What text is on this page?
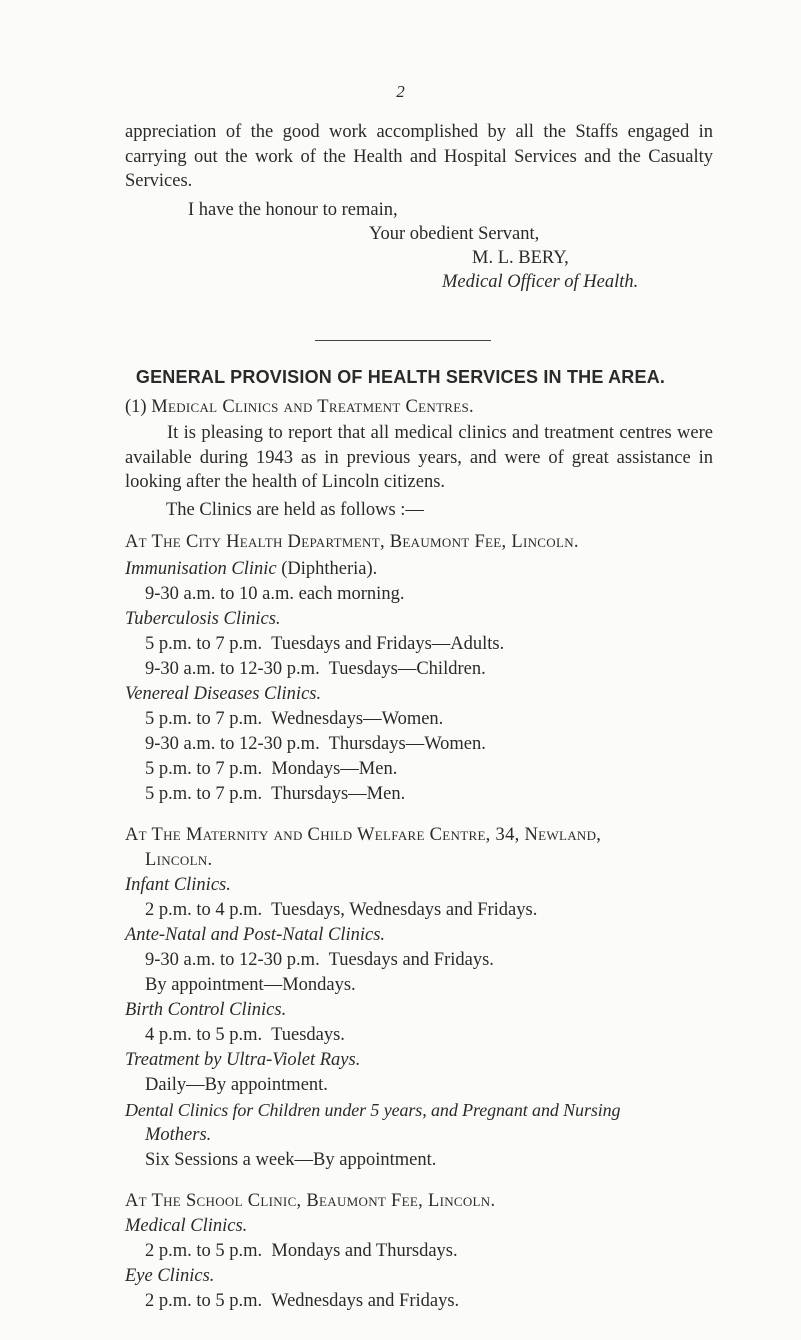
2
appreciation of the good work accomplished by all the Staffs engaged in carrying out the work of the Health and Hospital Services and the Casualty Services.
I have the honour to remain,
Your obedient Servant,
M. L. BERY,
Medical Officer of Health.
GENERAL PROVISION OF HEALTH SERVICES IN THE AREA.
(1) Medical Clinics and Treatment Centres.
It is pleasing to report that all medical clinics and treatment centres were available during 1943 as in previous years, and were of great assistance in looking after the health of Lincoln citizens.
The Clinics are held as follows :—
At The City Health Department, Beaumont Fee, Lincoln.
Immunisation Clinic (Diphtheria).
9-30 a.m. to 10 a.m. each morning.
Tuberculosis Clinics.
5 p.m. to 7 p.m.  Tuesdays and Fridays—Adults.
9-30 a.m. to 12-30 p.m.  Tuesdays—Children.
Venereal Diseases Clinics.
5 p.m. to 7 p.m.  Wednesdays—Women.
9-30 a.m. to 12-30 p.m.  Thursdays—Women.
5 p.m. to 7 p.m.  Mondays—Men.
5 p.m. to 7 p.m.  Thursdays—Men.
At The Maternity and Child Welfare Centre, 34, Newland,
Lincoln.
Infant Clinics.
2 p.m. to 4 p.m.  Tuesdays, Wednesdays and Fridays.
Ante-Natal and Post-Natal Clinics.
9-30 a.m. to 12-30 p.m.  Tuesdays and Fridays.
By appointment—Mondays.
Birth Control Clinics.
4 p.m. to 5 p.m.  Tuesdays.
Treatment by Ultra-Violet Rays.
Daily—By appointment.
Dental Clinics for Children under 5 years, and Pregnant and Nursing
Mothers.
Six Sessions a week—By appointment.
At The School Clinic, Beaumont Fee, Lincoln.
Medical Clinics.
2 p.m. to 5 p.m.  Mondays and Thursdays.
Eye Clinics.
2 p.m. to 5 p.m.  Wednesdays and Fridays.
